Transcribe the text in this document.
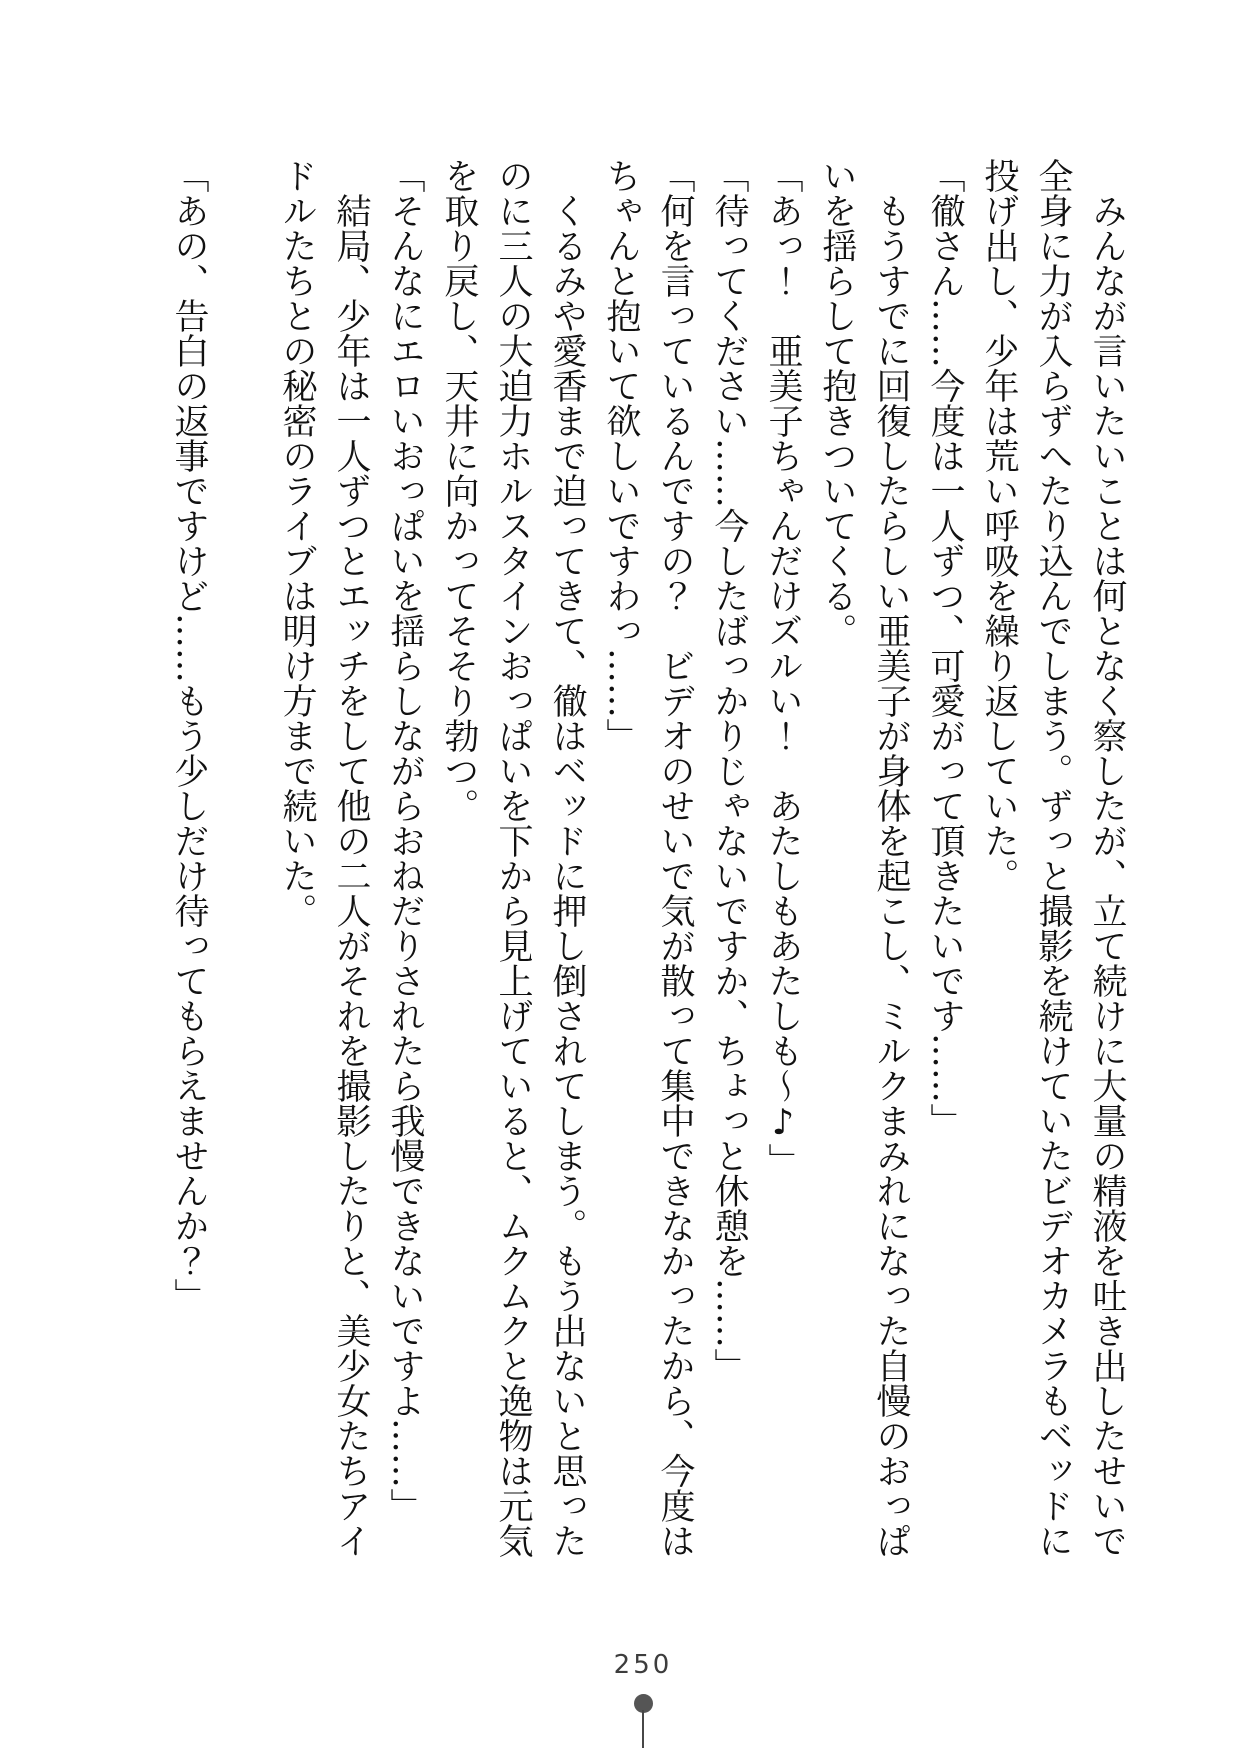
みんなが言いたいことは何となく察したが、立て続けに大量の精液を吐き出したせいで全身に力が入らずへたり込んでしまう。ずっと撮影を続けていたビデオカメラもベッドに投げ出し、少年は荒い呼吸を繰り返していた。

「徹さん……今度は一人ずつ、可愛がって頂きたいです……」

もうすでに回復したらしい亜美子が身体を起こし、ミルクまみれになった自慢のおっぱいを揺らして抱きついてくる。

「あっ！　亜美子ちゃんだけズルい！　あたしもあたしも〜♪」

「待ってください……今したばっかりじゃないですか、ちょっと休憩を……」

「何を言っているんですの？　ビデオのせいで気が散って集中できなかったから、今度はちゃんと抱いて欲しいですわっ……」

くるみや愛香まで迫ってきて、徹はベッドに押し倒されてしまう。もう出ないと思ったのに三人の大迫力ホルスタインおっぱいを下から見上げていると、ムクムクと逸物は元気を取り戻し、天井に向かってそそり勃つ。

「そんなにエロいおっぱいを揺らしながらおねだりされたら我慢できないですよ……」

結局、少年は一人ずつとエッチをして他の二人がそれを撮影したりと、美少女たちアイドルたちとの秘密のライブは明け方まで続いた。

「あの、告白の返事ですけど……もう少しだけ待ってもらえませんか？」

250
